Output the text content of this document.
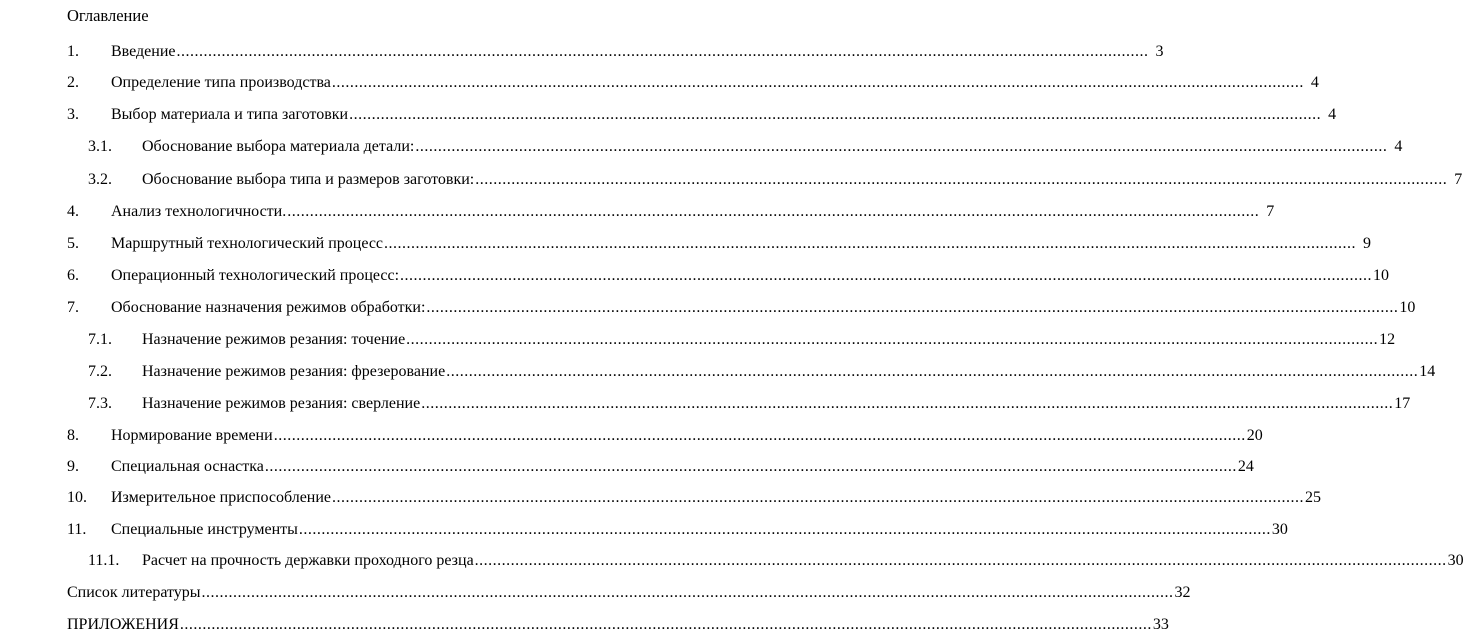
Оглавление
1. Введение ........................................................................................................................................................................................................................ 3
2. Определение типа производства ........................................................................................................................................................................................................................ 4
3. Выбор материала и типа заготовки ........................................................................................................................................................................................................................ 4
3.1. Обоснование выбора материала детали: ........................................................................................................................................................................................................................ 4
3.2. Обоснование выбора типа и размеров заготовки: ........................................................................................................................................................................................................................ 7
4. Анализ технологичности. ........................................................................................................................................................................................................................ 7
5. Маршрутный технологический процесс ........................................................................................................................................................................................................................ 9
6. Операционный технологический процесс: ........................................................................................................................................................................................................................ 10
7. Обоснование назначения режимов обработки: ........................................................................................................................................................................................................................ 10
7.1. Назначение режимов резания: точение ........................................................................................................................................................................................................................ 12
7.2. Назначение режимов резания: фрезерование ........................................................................................................................................................................................................................ 14
7.3. Назначение режимов резания: сверление ........................................................................................................................................................................................................................ 17
8. Нормирование времени ........................................................................................................................................................................................................................ 20
9. Специальная оснастка ........................................................................................................................................................................................................................ 24
10. Измерительное приспособление ........................................................................................................................................................................................................................ 25
11. Специальные инструменты ........................................................................................................................................................................................................................ 30
11.1. Расчет на прочность державки проходного резца ........................................................................................................................................................................................................................ 30
Список литературы ........................................................................................................................................................................................................................ 32
ПРИЛОЖЕНИЯ ........................................................................................................................................................................................................................ 33
